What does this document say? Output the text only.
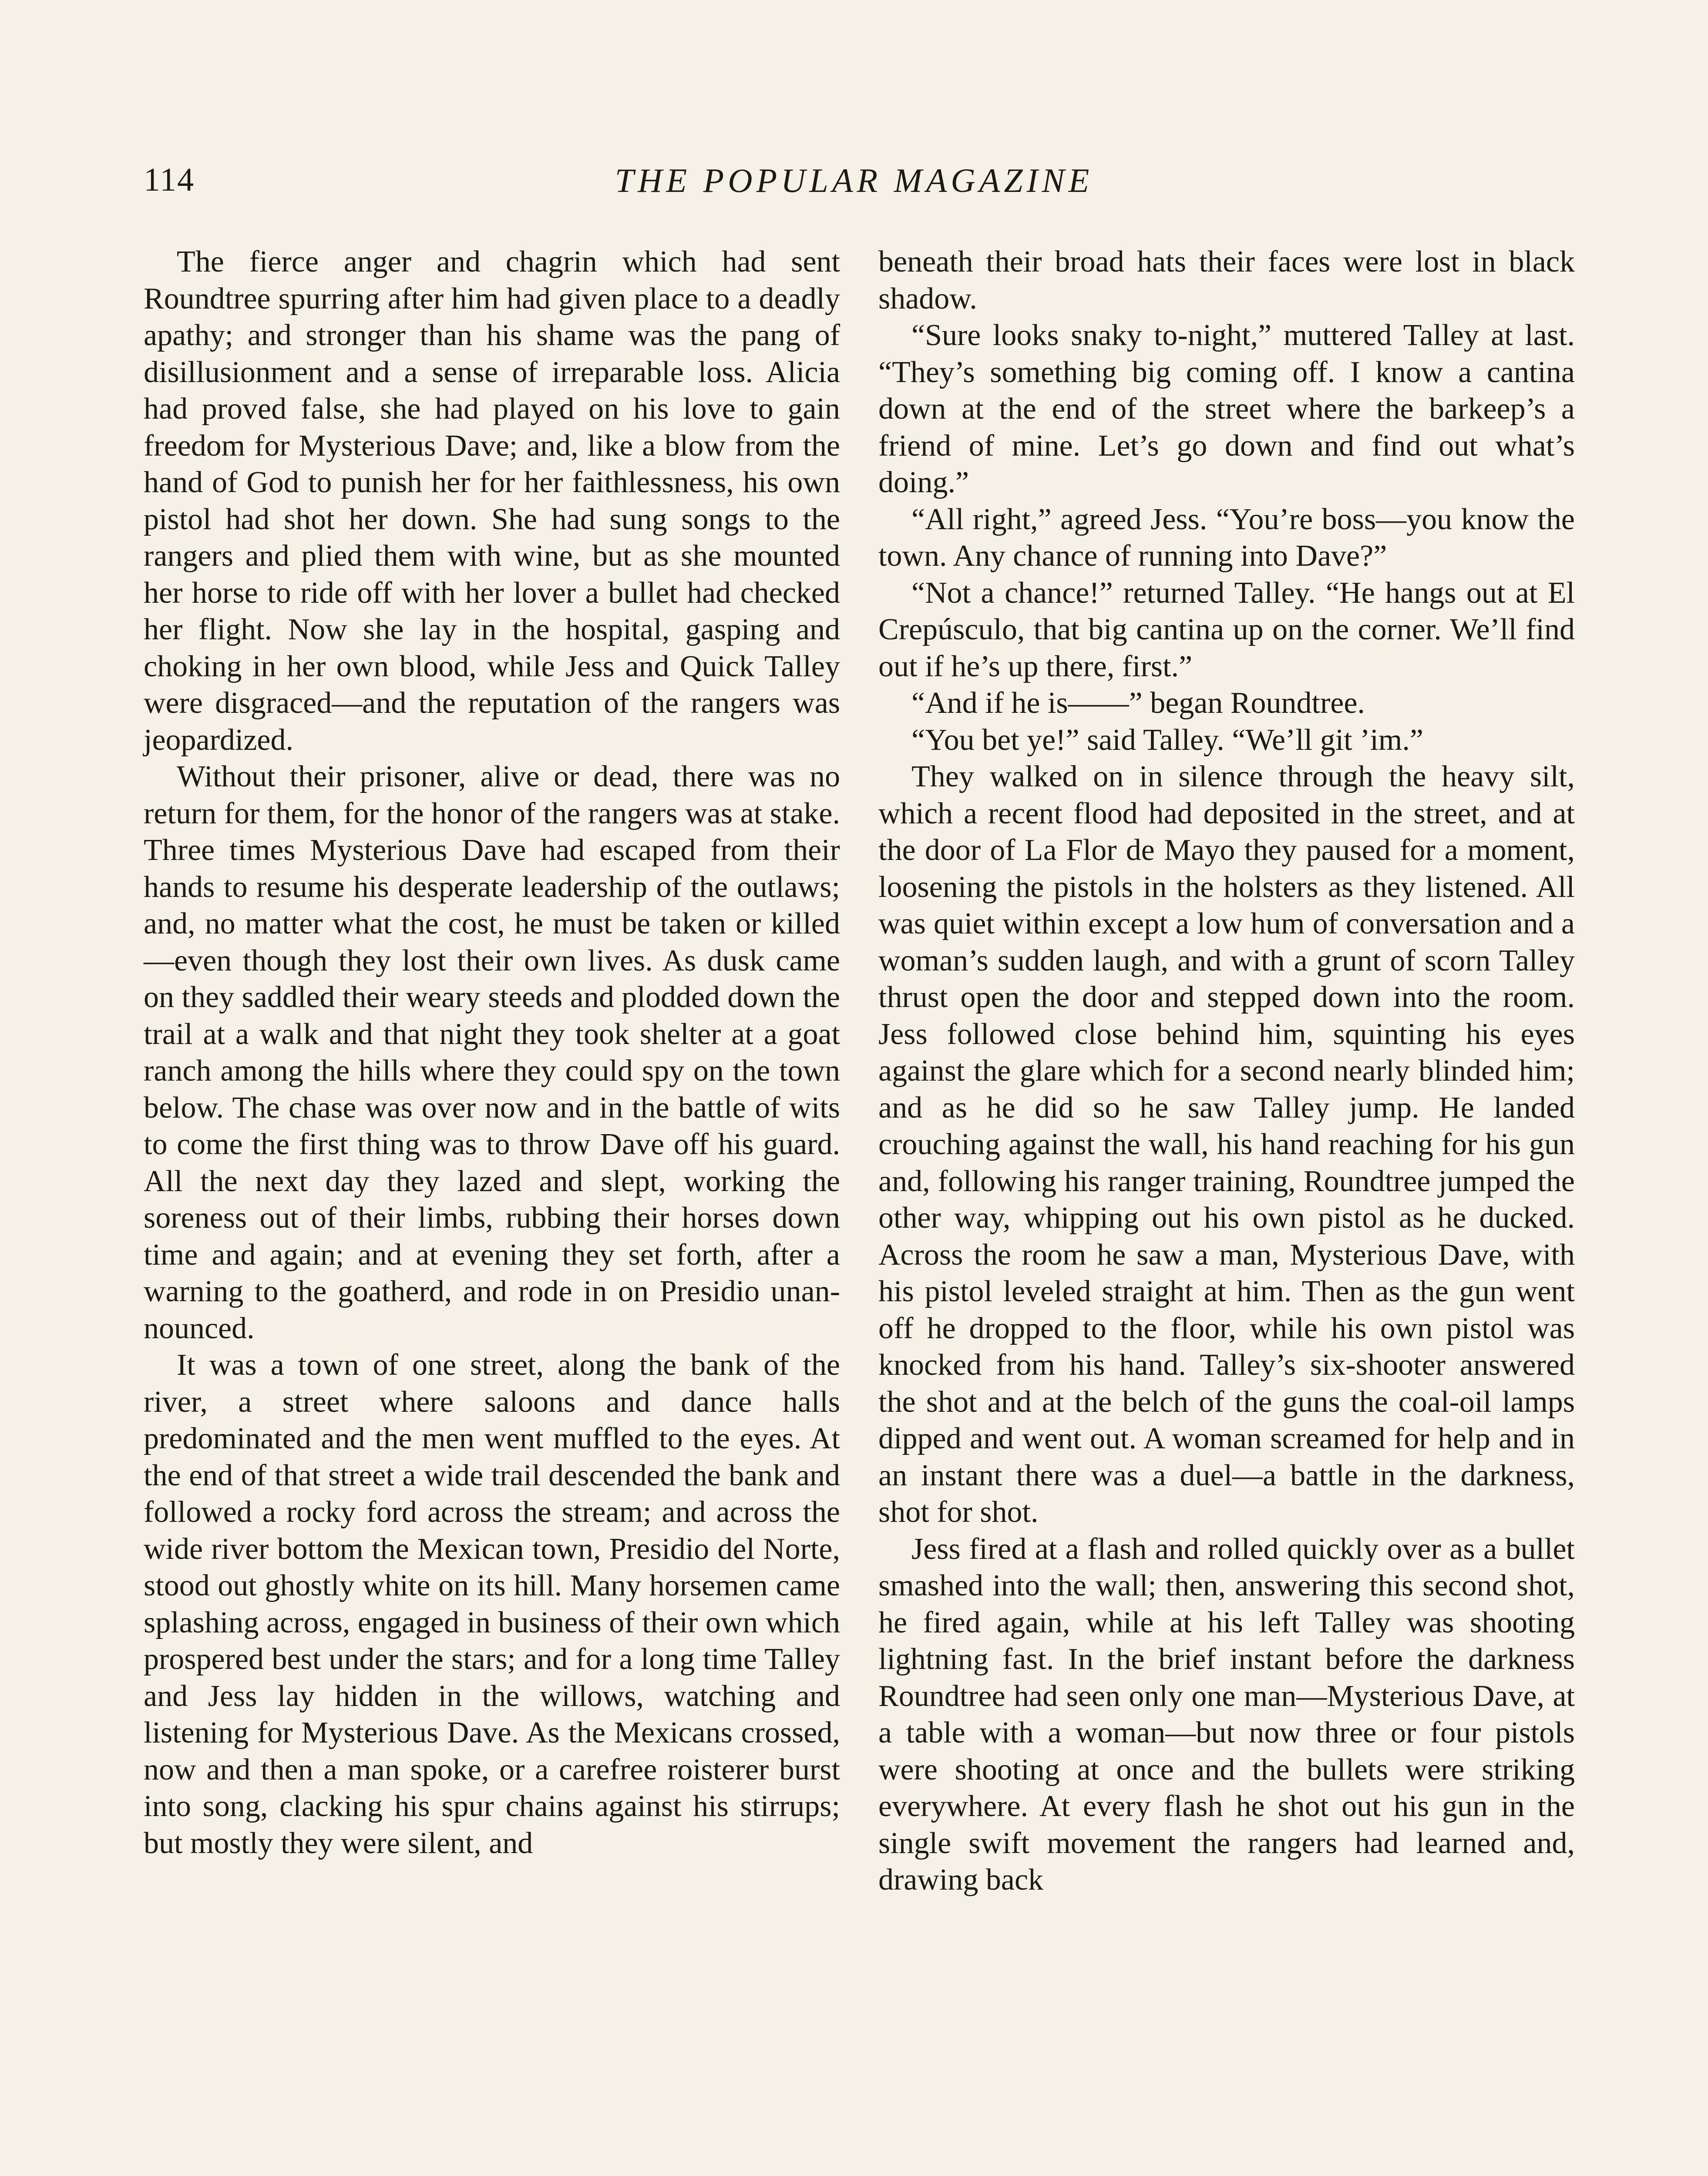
114	THE POPULAR MAGAZINE

The fierce anger and chagrin which had sent Roundtree spurring after him had given place to a deadly apathy; and stronger than his shame was the pang of disillusionment and a sense of irreparable loss. Alicia had proved false, she had played on his love to gain freedom for Mysterious Dave; and, like a blow from the hand of God to punish her for her faithlessness, his own pistol had shot her down. She had sung songs to the rangers and plied them with wine, but as she mounted her horse to ride off with her lover a bullet had checked her flight. Now she lay in the hospital, gasping and choking in her own blood, while Jess and Quick Talley were disgraced—and the reputation of the rangers was jeopardized.

Without their prisoner, alive or dead, there was no return for them, for the honor of the rangers was at stake. Three times Mysterious Dave had escaped from their hands to resume his desperate leadership of the outlaws; and, no matter what the cost, he must be taken or killed—even though they lost their own lives. As dusk came on they saddled their weary steeds and plodded down the trail at a walk and that night they took shelter at a goat ranch among the hills where they could spy on the town below. The chase was over now and in the battle of wits to come the first thing was to throw Dave off his guard. All the next day they lazed and slept, working the soreness out of their limbs, rubbing their horses down time and again; and at evening they set forth, after a warning to the goatherd, and rode in on Presidio unannounced.

It was a town of one street, along the bank of the river, a street where saloons and dance halls predominated and the men went muffled to the eyes. At the end of that street a wide trail descended the bank and followed a rocky ford across the stream; and across the wide river bottom the Mexican town, Presidio del Norte, stood out ghostly white on its hill. Many horsemen came splashing across, engaged in business of their own which prospered best under the stars; and for a long time Talley and Jess lay hidden in the willows, watching and listening for Mysterious Dave. As the Mexicans crossed, now and then a man spoke, or a carefree roisterer burst into song, clacking his spur chains against his stirrups; but mostly they were silent, and

beneath their broad hats their faces were lost in black shadow.

“Sure looks snaky to-night,” muttered Talley at last. “They’s something big coming off. I know a cantina down at the end of the street where the barkeep’s a friend of mine. Let’s go down and find out what’s doing.”

“All right,” agreed Jess. “You’re boss—you know the town. Any chance of running into Dave?”

“Not a chance!” returned Talley. “He hangs out at El Crepúsculo, that big cantina up on the corner. We’ll find out if he’s up there, first.”

“And if he is——” began Roundtree.

“You bet ye!” said Talley. “We’ll git ’im.”

They walked on in silence through the heavy silt, which a recent flood had deposited in the street, and at the door of La Flor de Mayo they paused for a moment, loosening the pistols in the holsters as they listened. All was quiet within except a low hum of conversation and a woman’s sudden laugh, and with a grunt of scorn Talley thrust open the door and stepped down into the room. Jess followed close behind him, squinting his eyes against the glare which for a second nearly blinded him; and as he did so he saw Talley jump. He landed crouching against the wall, his hand reaching for his gun and, following his ranger training, Roundtree jumped the other way, whipping out his own pistol as he ducked. Across the room he saw a man, Mysterious Dave, with his pistol leveled straight at him. Then as the gun went off he dropped to the floor, while his own pistol was knocked from his hand. Talley’s six-shooter answered the shot and at the belch of the guns the coal-oil lamps dipped and went out. A woman screamed for help and in an instant there was a duel—a battle in the darkness, shot for shot.

Jess fired at a flash and rolled quickly over as a bullet smashed into the wall; then, answering this second shot, he fired again, while at his left Talley was shooting lightning fast. In the brief instant before the darkness Roundtree had seen only one man—Mysterious Dave, at a table with a woman—but now three or four pistols were shooting at once and the bullets were striking everywhere. At every flash he shot out his gun in the single swift movement the rangers had learned and, drawing back
